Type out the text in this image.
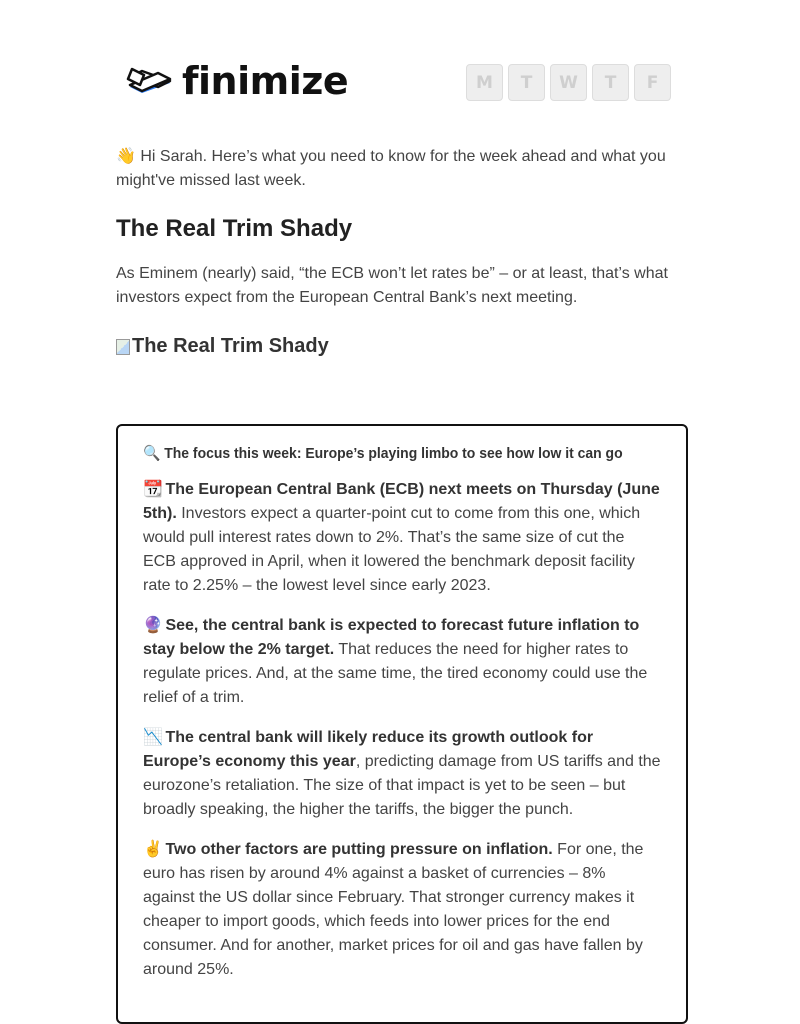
finimize	M	T	W	T	F
👋 Hi Sarah. Here’s what you need to know for the week ahead and what you might've missed last week.
The Real Trim Shady
As Eminem (nearly) said, “the ECB won’t let rates be” – or at least, that’s what investors expect from the European Central Bank’s next meeting.
The Real Trim Shady
🔍 The focus this week: Europe’s playing limbo to see how low it can go

📆 The European Central Bank (ECB) next meets on Thursday (June 5th). Investors expect a quarter-point cut to come from this one, which would pull interest rates down to 2%. That’s the same size of cut the ECB approved in April, when it lowered the benchmark deposit facility rate to 2.25% – the lowest level since early 2023.

🔮 See, the central bank is expected to forecast future inflation to stay below the 2% target. That reduces the need for higher rates to regulate prices. And, at the same time, the tired economy could use the relief of a trim.

📉 The central bank will likely reduce its growth outlook for Europe’s economy this year, predicting damage from US tariffs and the eurozone’s retaliation. The size of that impact is yet to be seen – but broadly speaking, the higher the tariffs, the bigger the punch.

✌️ Two other factors are putting pressure on inflation. For one, the euro has risen by around 4% against a basket of currencies – 8% against the US dollar since February. That stronger currency makes it cheaper to import goods, which feeds into lower prices for the end consumer. And for another, market prices for oil and gas have fallen by around 25%.
